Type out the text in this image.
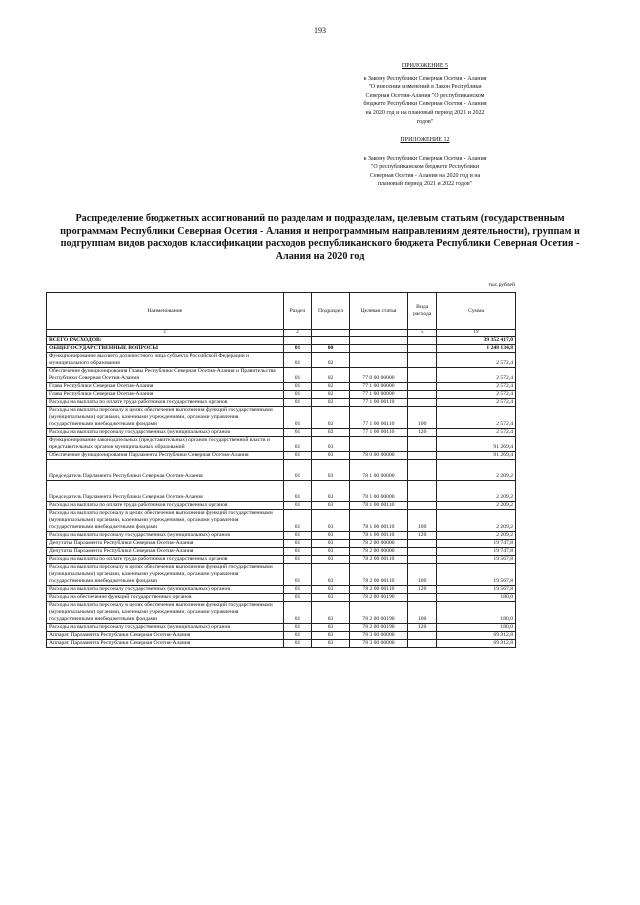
193
ПРИЛОЖЕНИЕ 5
к Закону Республики Северная Осетия - Алания
"О внесении изменений в Закон Республики
Северная Осетия-Алания "О республиканском
бюджете Республики Северная Осетия - Алания
на 2020 год и на плановый период 2021 и 2022
годов"
ПРИЛОЖЕНИЕ 12
к Закону Республики Северная Осетия - Алания
"О республиканском бюджете Республики
Северная Осетия - Алания на 2020 год и на
плановый период 2021 и 2022 годов"
Распределение бюджетных ассигнований по разделам и подразделам, целевым статьям (государственным программам Республики Северная Осетия - Алания и непрограммным направлениям деятельности), группам и подгруппам видов расходов классификации расходов республиканского бюджета Республики Северная Осетия - Алания на 2020 год
тыс.рублей
Наименование	Раздел	Подраздел	Целевая статья	Вида расхода	Сумма
1	2			5	19
ВСЕГО РАСХОДОВ:					39 352 417,0
ОБЩЕГОСУДАРСТВЕННЫЕ ВОПРОСЫ	01	00			1 248 134,8
Функционирование высшего должностного лица субъекта Российской Федерации и муниципального образования	01	02			2 572,4
Обеспечение функционирования Главы Республики Северная Осетия-Алания и Правительства Республики Северная Осетия-Алания	01	02	77 0 00 00000		2 572,4
Глава Республики Северная Осетия-Алания	01	02	77 1 00 00000		2 572,4
Глава Республики Северная Осетия-Алания	01	02	77 1 00 00000		2 572,4
Расходы на выплаты по оплате труда работников государственных органов	01	02	77 1 00 00110		2 572,4
Расходы на выплаты персоналу в целях обеспечения выполнения функций государственными (муниципальными) органами, казенными учреждениями, органами управления государственными внебюджетными фондами	01	02	77 1 00 00110	100	2 572,4
Расходы на выплаты персоналу государственных (муниципальных) органов	01	02	77 1 00 00110	120	2 572,4
Функционирование законодательных (представительных) органов государственной власти и представительных органов муниципальных образований	01	03			91 269,4
Обеспечение функционирования Парламента Республики Северная Осетия-Алания	01	03	78 0 00 00000		91 269,4
Председатель Парламента Республики Северная Осетия-Алания	01	03	78 1 00 00000		2 209,2
Председатель Парламента Республики Северная Осетия-Алания	01	03	78 1 00 00000		2 209,2
Расходы на выплаты по оплате труда работников государственных органов	01	03	78 1 00 00110		2 209,2
Расходы на выплаты персоналу в целях обеспечения выполнения функций государственными (муниципальными) органами, казенными учреждениями, органами управления государственными внебюджетными фондами	01	03	78 1 00 00110	100	2 209,2
Расходы на выплаты персоналу государственных (муниципальных) органов	01	03	78 1 00 00110	120	2 209,2
Депутаты Парламента Республики Северная Осетия-Алания	01	03	78 2 00 00000		19 747,8
Депутаты Парламента Республики Северная Осетия-Алания	01	03	78 2 00 00000		19 747,8
Расходы на выплаты по оплате труда работников государственных органов	01	03	78 2 00 00110		19 567,8
Расходы на выплаты персоналу в целях обеспечения выполнения функций государственными (муниципальными) органами, казенными учреждениями, органами управления государственными внебюджетными фондами	01	03	78 2 00 00110	100	19 567,8
Расходы на выплаты персоналу государственных (муниципальных) органов	01	03	78 2 00 00110	120	19 567,8
Расходы на обеспечение функций государственных органов	01	03	78 2 00 00190		180,0
Расходы на выплаты персоналу в целях обеспечения выполнения функций государственными (муниципальными) органами, казенными учреждениями, органами управления государственными внебюджетными фондами	01	03	78 2 00 00190	100	180,0
Расходы на выплаты персоналу государственных (муниципальных) органов	01	03	78 2 00 00190	120	180,0
Аппарат Парламента Республики Северная Осетия-Алания	01	03	78 3 00 00000		69 312,8
Аппарат Парламента Республики Северная Осетия-Алания	01	03	78 3 00 00000		69 312,8
